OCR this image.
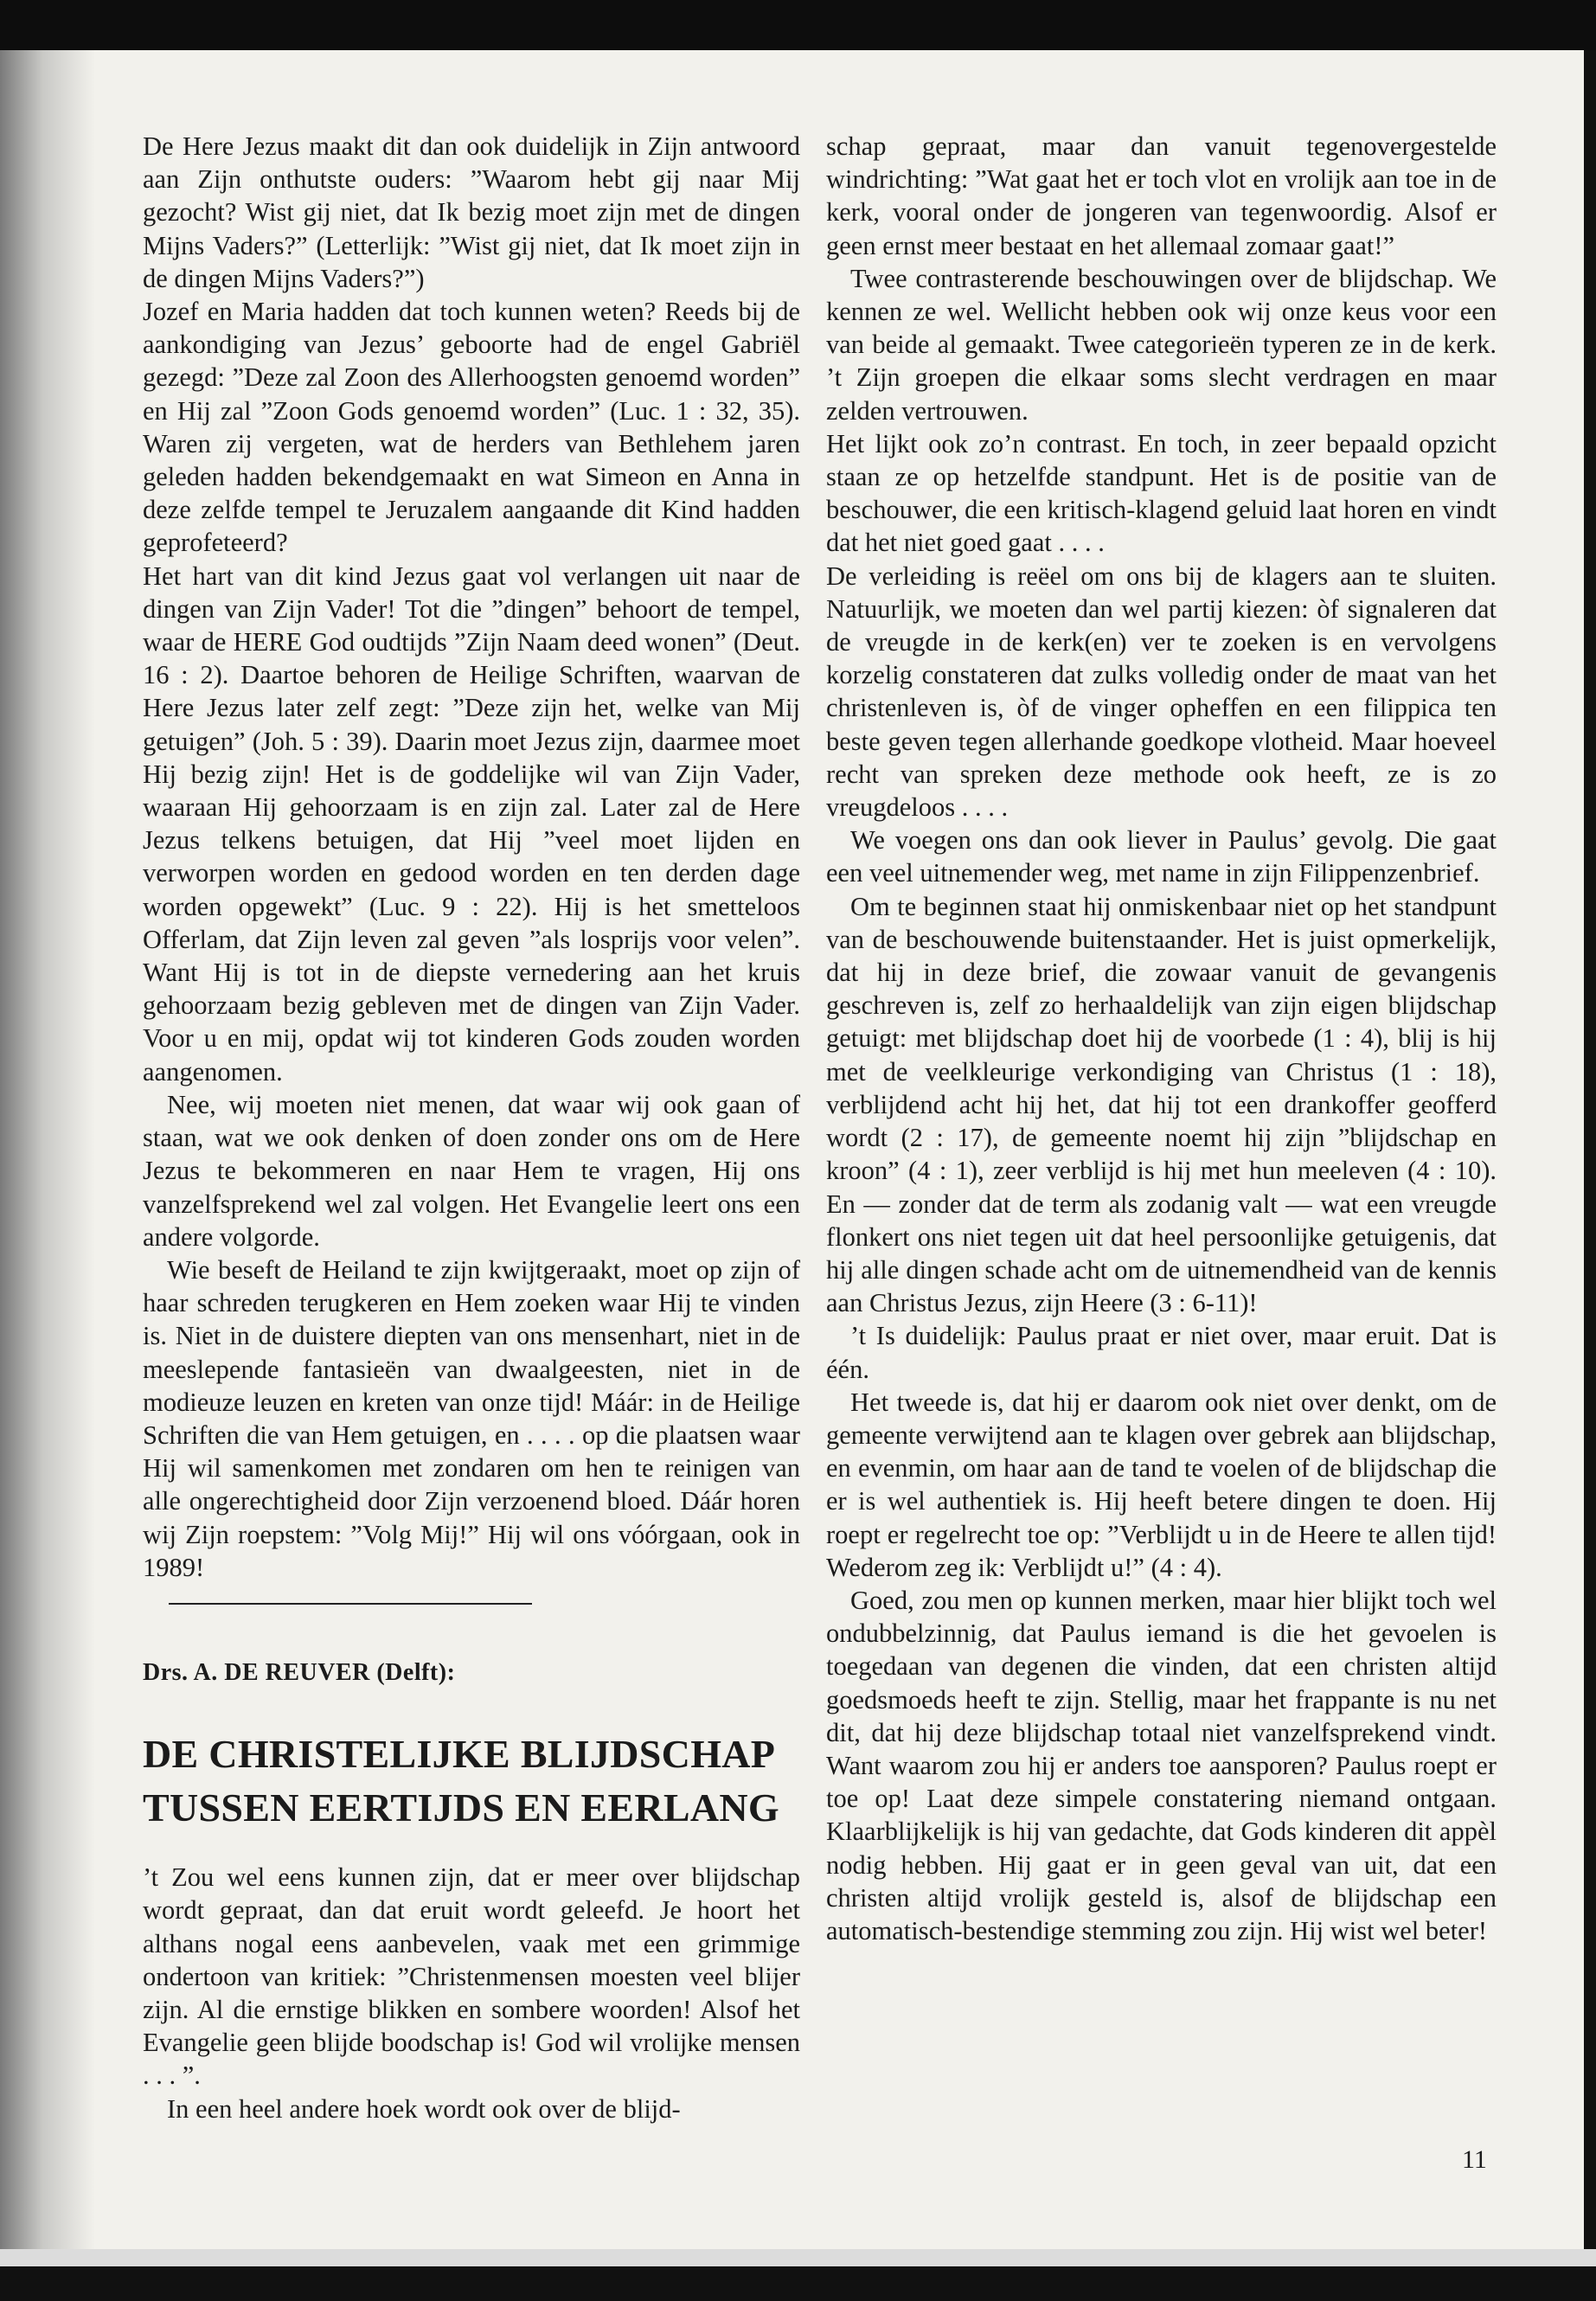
De Here Jezus maakt dit dan ook duidelijk in Zijn antwoord aan Zijn onthutste ouders: ”Waarom hebt gij naar Mij gezocht? Wist gij niet, dat Ik bezig moet zijn met de dingen Mijns Vaders?” (Letterlijk: ”Wist gij niet, dat Ik moet zijn in de dingen Mijns Vaders?”)

Jozef en Maria hadden dat toch kunnen weten? Reeds bij de aankondiging van Jezus’ geboorte had de engel Gabriël gezegd: ”Deze zal Zoon des Allerhoogsten genoemd worden” en Hij zal ”Zoon Gods genoemd worden” (Luc. 1 : 32, 35). Waren zij vergeten, wat de herders van Bethlehem jaren geleden hadden bekendgemaakt en wat Simeon en Anna in deze zelfde tempel te Jeruzalem aangaande dit Kind hadden geprofeteerd?

Het hart van dit kind Jezus gaat vol verlangen uit naar de dingen van Zijn Vader! Tot die ”dingen” behoort de tempel, waar de HERE God oudtijds ”Zijn Naam deed wonen” (Deut. 16 : 2). Daartoe behoren de Heilige Schriften, waarvan de Here Jezus later zelf zegt: ”Deze zijn het, welke van Mij getuigen” (Joh. 5 : 39). Daarin moet Jezus zijn, daarmee moet Hij bezig zijn! Het is de goddelijke wil van Zijn Vader, waaraan Hij gehoorzaam is en zijn zal. Later zal de Here Jezus telkens betuigen, dat Hij ”veel moet lijden en verworpen worden en gedood worden en ten derden dage worden opgewekt” (Luc. 9 : 22). Hij is het smetteloos Offerlam, dat Zijn leven zal geven ”als losprijs voor velen”. Want Hij is tot in de diepste vernedering aan het kruis gehoorzaam bezig gebleven met de dingen van Zijn Vader. Voor u en mij, opdat wij tot kinderen Gods zouden worden aangenomen.

Nee, wij moeten niet menen, dat waar wij ook gaan of staan, wat we ook denken of doen zonder ons om de Here Jezus te bekommeren en naar Hem te vragen, Hij ons vanzelfsprekend wel zal volgen. Het Evangelie leert ons een andere volgorde.

Wie beseft de Heiland te zijn kwijtgeraakt, moet op zijn of haar schreden terugkeren en Hem zoeken waar Hij te vinden is. Niet in de duistere diepten van ons mensenhart, niet in de meeslepende fantasieën van dwaalgeesten, niet in de modieuze leuzen en kreten van onze tijd! Máár: in de Heilige Schriften die van Hem getuigen, en . . . . op die plaatsen waar Hij wil samenkomen met zondaren om hen te reinigen van alle ongerechtigheid door Zijn verzoenend bloed. Dáár horen wij Zijn roepstem: ”Volg Mij!” Hij wil ons vóórgaan, ook in 1989!

Drs. A. DE REUVER (Delft):
DE CHRISTELIJKE BLIJDSCHAP
TUSSEN EERTIJDS EN EERLANG

’t Zou wel eens kunnen zijn, dat er meer over blijdschap wordt gepraat, dan dat eruit wordt geleefd. Je hoort het althans nogal eens aanbevelen, vaak met een grimmige ondertoon van kritiek: ”Christenmensen moesten veel blijer zijn. Al die ernstige blikken en sombere woorden! Alsof het Evangelie geen blijde boodschap is! God wil vrolijke mensen . . . ”.

In een heel andere hoek wordt ook over de blijd-

schap gepraat, maar dan vanuit tegenovergestelde windrichting: ”Wat gaat het er toch vlot en vrolijk aan toe in de kerk, vooral onder de jongeren van tegenwoordig. Alsof er geen ernst meer bestaat en het allemaal zomaar gaat!”

Twee contrasterende beschouwingen over de blijdschap. We kennen ze wel. Wellicht hebben ook wij onze keus voor een van beide al gemaakt. Twee categorieën typeren ze in de kerk. ’t Zijn groepen die elkaar soms slecht verdragen en maar zelden vertrouwen.

Het lijkt ook zo’n contrast. En toch, in zeer bepaald opzicht staan ze op hetzelfde standpunt. Het is de positie van de beschouwer, die een kritisch-klagend geluid laat horen en vindt dat het niet goed gaat . . . .

De verleiding is reëel om ons bij de klagers aan te sluiten. Natuurlijk, we moeten dan wel partij kiezen: òf signaleren dat de vreugde in de kerk(en) ver te zoeken is en vervolgens korzelig constateren dat zulks volledig onder de maat van het christenleven is, òf de vinger opheffen en een filippica ten beste geven tegen allerhande goedkope vlotheid. Maar hoeveel recht van spreken deze methode ook heeft, ze is zo vreugdeloos . . . .

We voegen ons dan ook liever in Paulus’ gevolg. Die gaat een veel uitnemender weg, met name in zijn Filippenzenbrief.

Om te beginnen staat hij onmiskenbaar niet op het standpunt van de beschouwende buitenstaander. Het is juist opmerkelijk, dat hij in deze brief, die zowaar vanuit de gevangenis geschreven is, zelf zo herhaaldelijk van zijn eigen blijdschap getuigt: met blijdschap doet hij de voorbede (1 : 4), blij is hij met de veelkleurige verkondiging van Christus (1 : 18), verblijdend acht hij het, dat hij tot een drankoffer geofferd wordt (2 : 17), de gemeente noemt hij zijn ”blijdschap en kroon” (4 : 1), zeer verblijd is hij met hun meeleven (4 : 10). En — zonder dat de term als zodanig valt — wat een vreugde flonkert ons niet tegen uit dat heel persoonlijke getuigenis, dat hij alle dingen schade acht om de uitnemendheid van de kennis aan Christus Jezus, zijn Heere (3 : 6-11)!

’t Is duidelijk: Paulus praat er niet over, maar eruit. Dat is één.

Het tweede is, dat hij er daarom ook niet over denkt, om de gemeente verwijtend aan te klagen over gebrek aan blijdschap, en evenmin, om haar aan de tand te voelen of de blijdschap die er is wel authentiek is. Hij heeft betere dingen te doen. Hij roept er regelrecht toe op: ”Verblijdt u in de Heere te allen tijd! Wederom zeg ik: Verblijdt u!” (4 : 4).

Goed, zou men op kunnen merken, maar hier blijkt toch wel ondubbelzinnig, dat Paulus iemand is die het gevoelen is toegedaan van degenen die vinden, dat een christen altijd goedsmoeds heeft te zijn. Stellig, maar het frappante is nu net dit, dat hij deze blijdschap totaal niet vanzelfsprekend vindt. Want waarom zou hij er anders toe aansporen? Paulus roept er toe op! Laat deze simpele constatering niemand ontgaan. Klaarblijkelijk is hij van gedachte, dat Gods kinderen dit appèl nodig hebben. Hij gaat er in geen geval van uit, dat een christen altijd vrolijk gesteld is, alsof de blijdschap een automatisch-bestendige stemming zou zijn. Hij wist wel beter!

11
